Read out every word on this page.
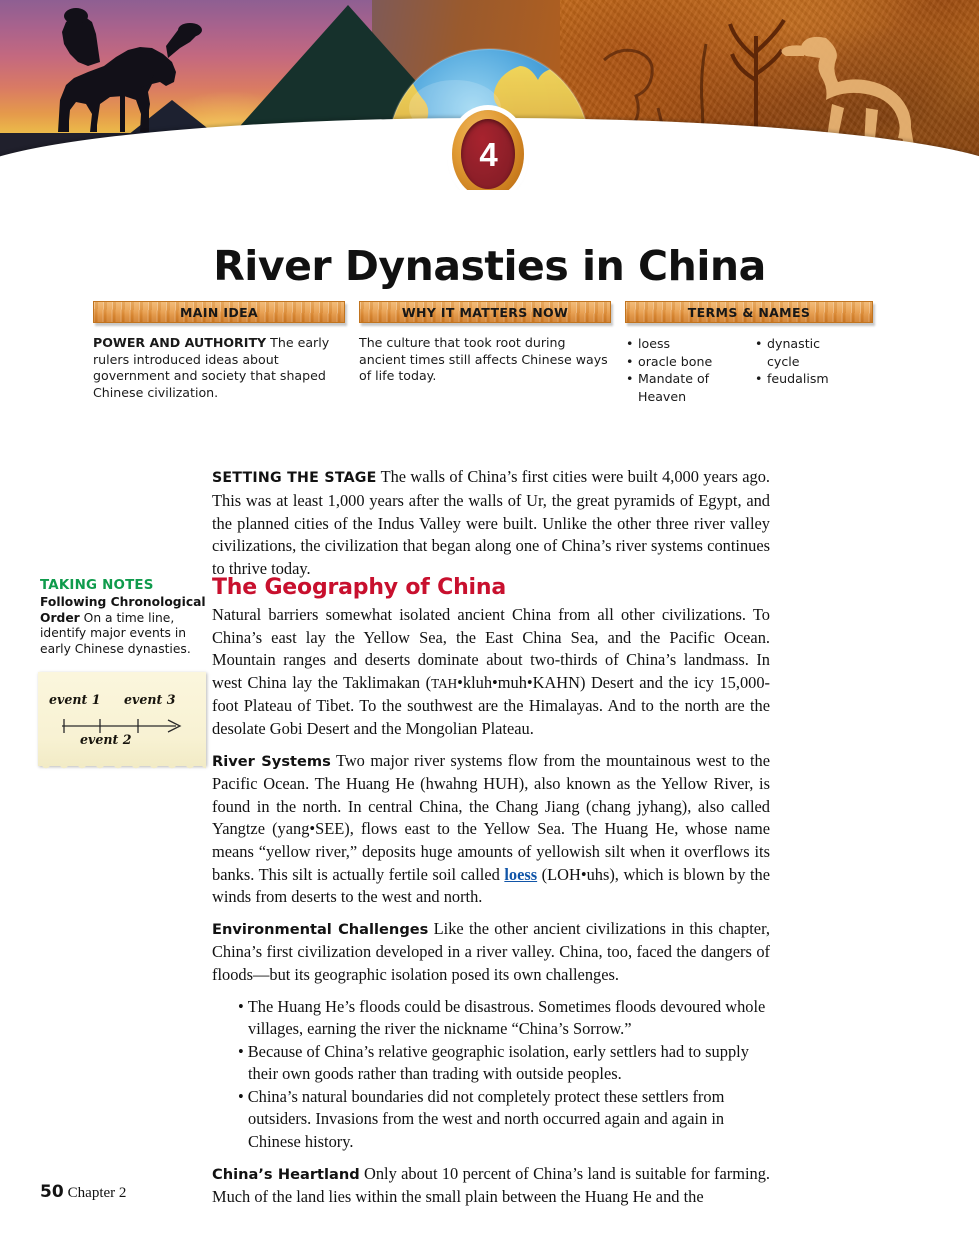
4
River Dynasties in China
MAIN IDEA
POWER AND AUTHORITY The early rulers introduced ideas about government and society that shaped Chinese civilization.
WHY IT MATTERS NOW
The culture that took root during ancient times still affects Chinese ways of life today.
TERMS & NAMES
• loess
• oracle bone
• Mandate of
Heaven
• dynastic
cycle
• feudalism

SETTING THE STAGE The walls of China’s first cities were built 4,000 years ago. This was at least 1,000 years after the walls of Ur, the great pyramids of Egypt, and the planned cities of the Indus Valley were built. Unlike the other three river valley civilizations, the civilization that began along one of China’s river systems continues to thrive today.

TAKING NOTES
Following Chronological Order On a time line, identify major events in early Chinese dynasties.
event 1 event 3
event 2
The Geography of China

Natural barriers somewhat isolated ancient China from all other civilizations. To China’s east lay the Yellow Sea, the East China Sea, and the Pacific Ocean. Mountain ranges and deserts dominate about two-thirds of China’s landmass. In west China lay the Taklimakan (TAH•kluh•muh•KAHN) Desert and the icy 15,000-foot Plateau of Tibet. To the southwest are the Himalayas. And to the north are the desolate Gobi Desert and the Mongolian Plateau.

River Systems Two major river systems flow from the mountainous west to the Pacific Ocean. The Huang He (hwahng HUH), also known as the Yellow River, is found in the north. In central China, the Chang Jiang (chang jyhang), also called Yangtze (yang•SEE), flows east to the Yellow Sea. The Huang He, whose name means “yellow river,” deposits huge amounts of yellowish silt when it overflows its banks. This silt is actually fertile soil called loess (LOH•uhs), which is blown by the winds from deserts to the west and north.

Environmental Challenges Like the other ancient civilizations in this chapter, China’s first civilization developed in a river valley. China, too, faced the dangers of floods—but its geographic isolation posed its own challenges.

• The Huang He’s floods could be disastrous. Sometimes floods devoured whole villages, earning the river the nickname “China’s Sorrow.”
• Because of China’s relative geographic isolation, early settlers had to supply their own goods rather than trading with outside peoples.
• China’s natural boundaries did not completely protect these settlers from outsiders. Invasions from the west and north occurred again and again in Chinese history.

China’s Heartland Only about 10 percent of China’s land is suitable for farming. Much of the land lies within the small plain between the Huang He and the

50 Chapter 2
